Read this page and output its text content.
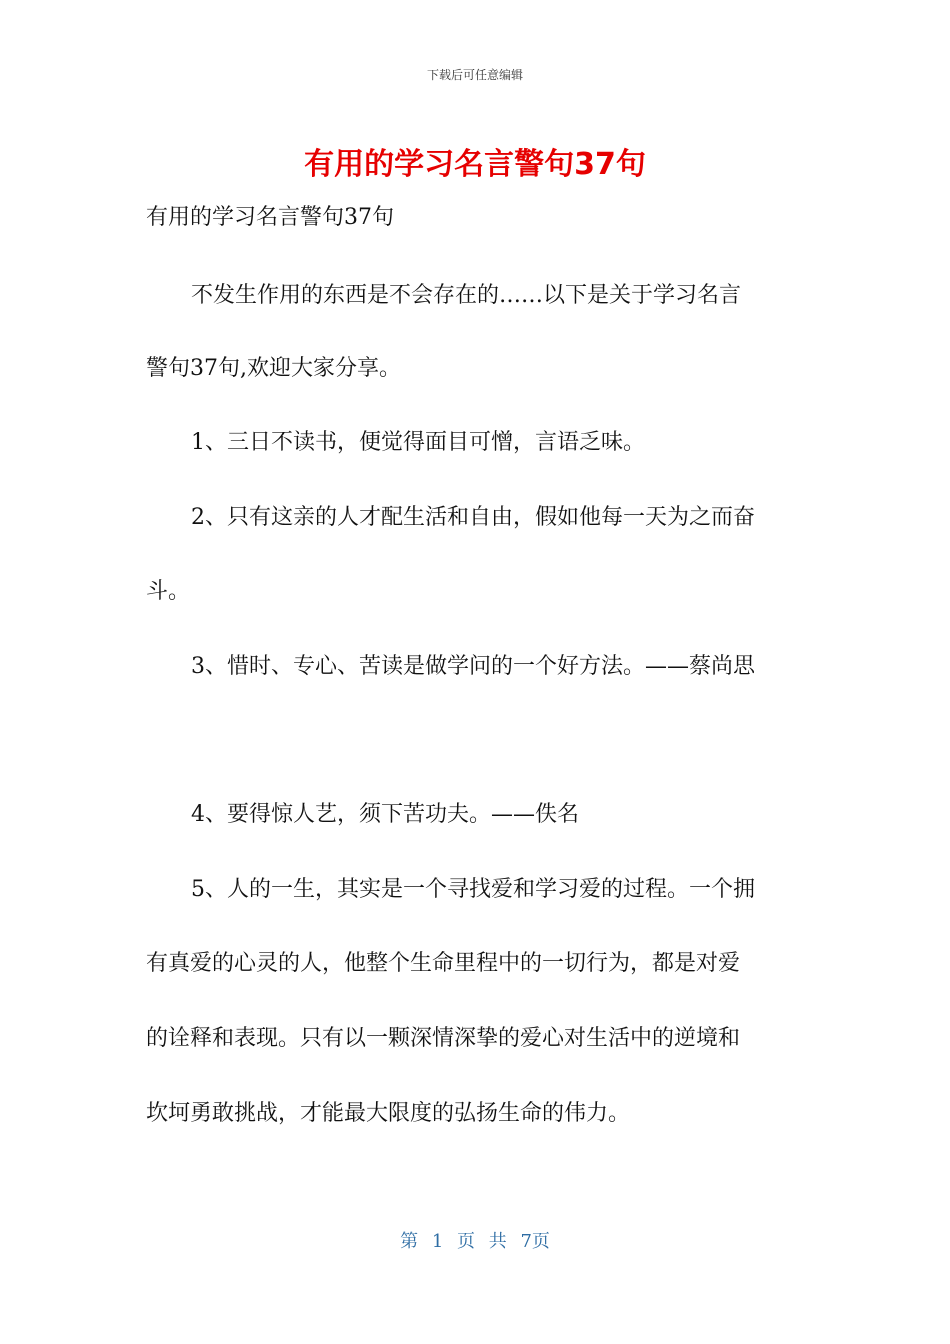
下载后可任意编辑
有用的学习名言警句37句
有用的学习名言警句37句
不发生作用的东西是不会存在的……以下是关于学习名言
警句37句,欢迎大家分享。
1、三日不读书，便觉得面目可憎，言语乏味。
2、只有这亲的人才配生活和自由，假如他每一天为之而奋
斗。
3、惜时、专心、苦读是做学问的一个好方法。——蔡尚思
4、要得惊人艺，须下苦功夫。——佚名
5、人的一生，其实是一个寻找爱和学习爱的过程。一个拥
有真爱的心灵的人，他整个生命里程中的一切行为，都是对爱
的诠释和表现。只有以一颗深情深挚的爱心对生活中的逆境和
坎坷勇敢挑战，才能最大限度的弘扬生命的伟力。
第 1 页 共 7页
